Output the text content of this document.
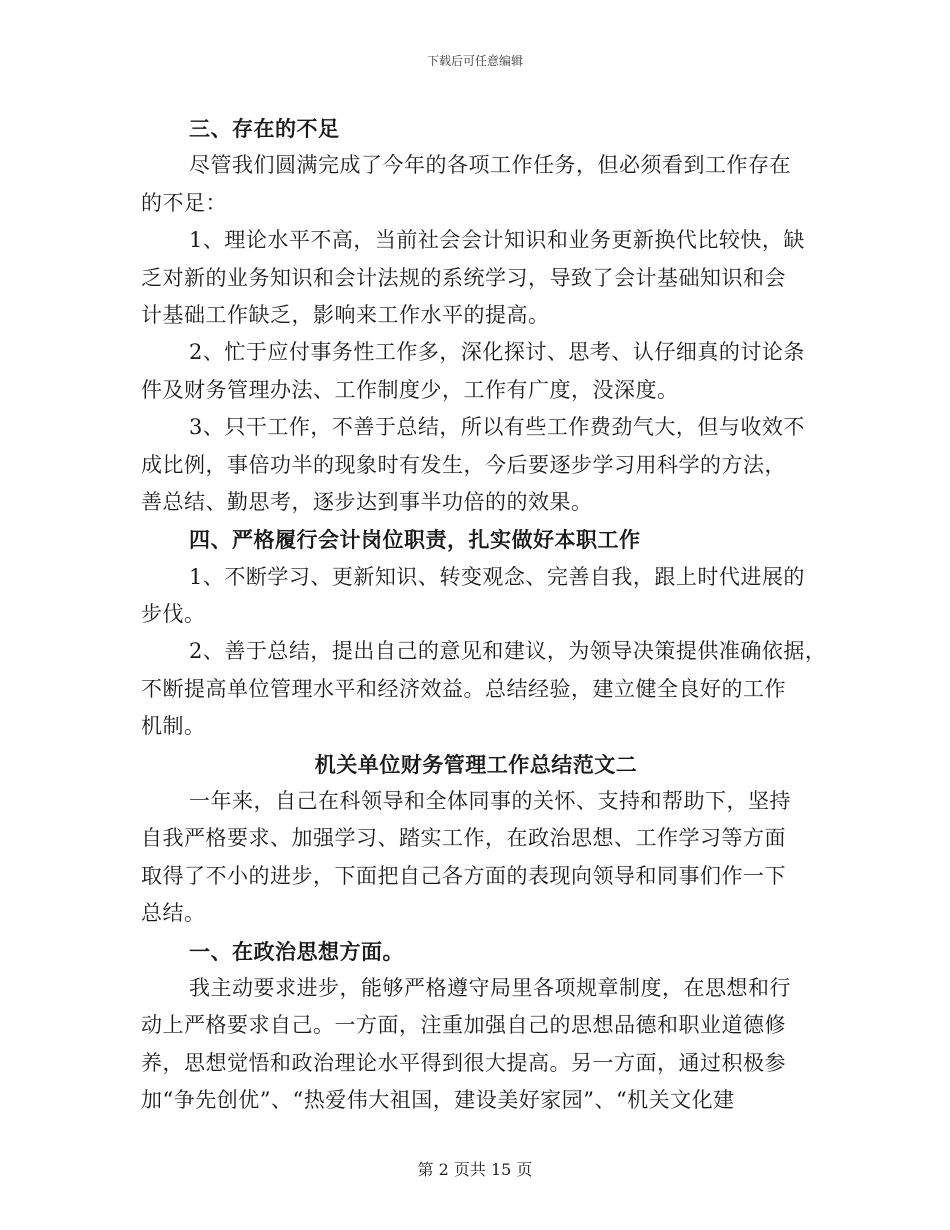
下载后可任意编辑
三、存在的不足
尽管我们圆满完成了今年的各项工作任务，但必须看到工作存在
的不足：
1、理论水平不高，当前社会会计知识和业务更新换代比较快，缺
乏对新的业务知识和会计法规的系统学习，导致了会计基础知识和会
计基础工作缺乏，影响来工作水平的提高。
2、忙于应付事务性工作多，深化探讨、思考、认仔细真的讨论条
件及财务管理办法、工作制度少，工作有广度，没深度。
3、只干工作，不善于总结，所以有些工作费劲气大，但与收效不
成比例，事倍功半的现象时有发生，今后要逐步学习用科学的方法，
善总结、勤思考，逐步达到事半功倍的的效果。
四、严格履行会计岗位职责，扎实做好本职工作
1、不断学习、更新知识、转变观念、完善自我，跟上时代进展的
步伐。
2、善于总结，提出自己的意见和建议，为领导决策提供准确依据，
不断提高单位管理水平和经济效益。总结经验，建立健全良好的工作
机制。
机关单位财务管理工作总结范文二
一年来，自己在科领导和全体同事的关怀、支持和帮助下，坚持
自我严格要求、加强学习、踏实工作，在政治思想、工作学习等方面
取得了不小的进步，下面把自己各方面的表现向领导和同事们作一下
总结。
一、在政治思想方面。
我主动要求进步，能够严格遵守局里各项规章制度，在思想和行
动上严格要求自己。一方面，注重加强自己的思想品德和职业道德修
养，思想觉悟和政治理论水平得到很大提高。另一方面，通过积极参
加“争先创优”、“热爱伟大祖国，建设美好家园”、“机关文化建
第 2 页共 15 页
